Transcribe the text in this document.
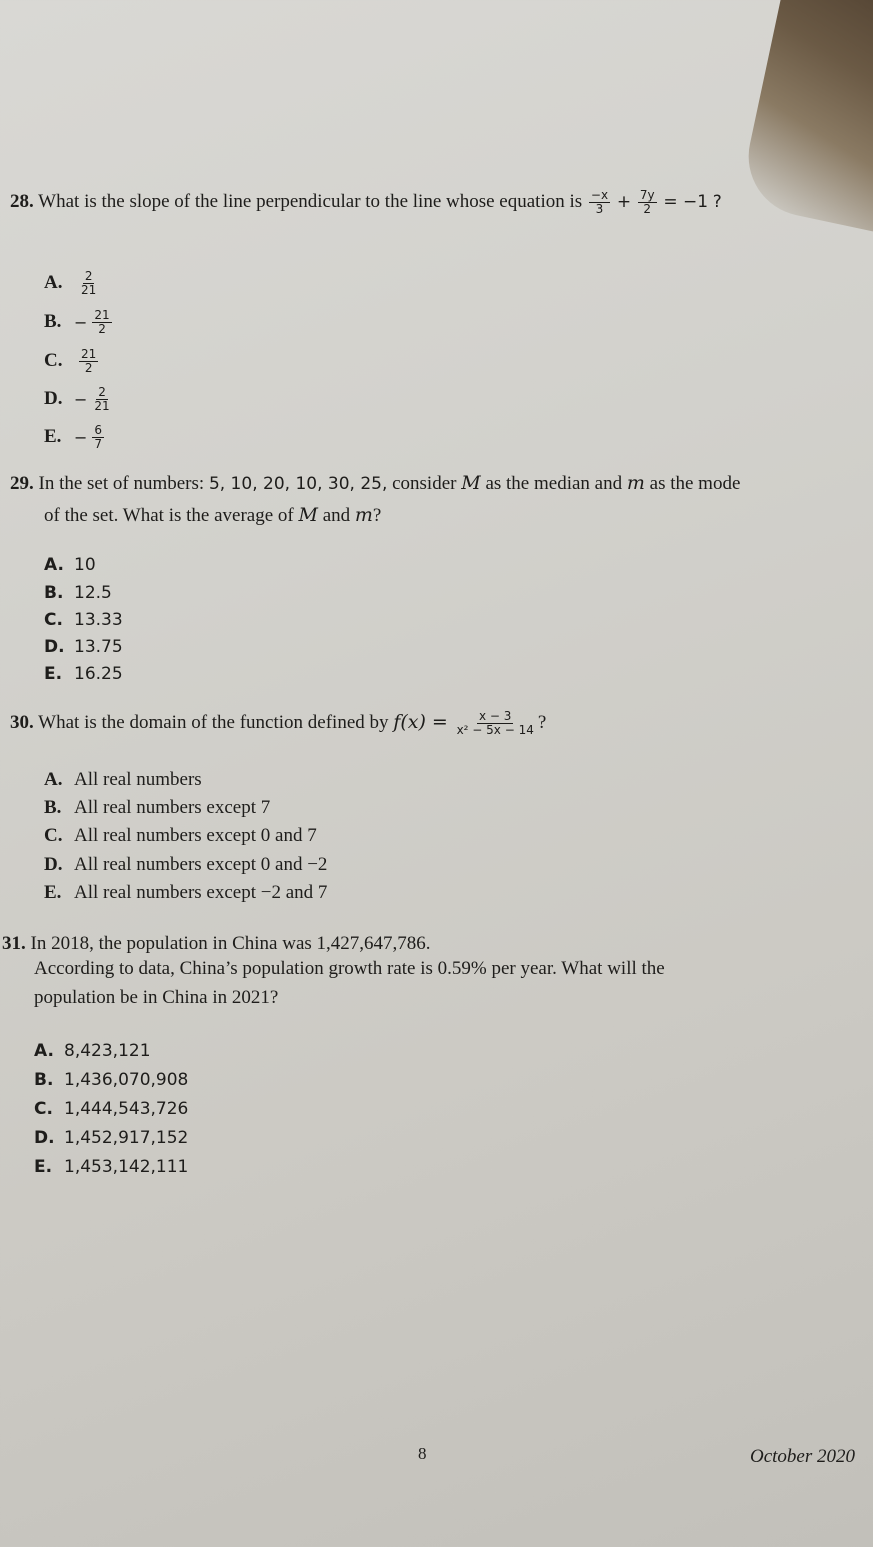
28. What is the slope of the line perpendicular to the line whose equation is $\frac{-x}{3} + \frac{7y}{2} = -1$ ?
A. $\frac{2}{21}$
B. − $\frac{21}{2}$
C. $\frac{21}{2}$
D. − $\frac{2}{21}$
E. − $\frac{6}{7}$
29. In the set of numbers: 5, 10, 20, 10, 30, 25, consider M as the median and m as the mode
of the set. What is the average of M and m?
A. 10
B. 12.5
C. 13.33
D. 13.75
E. 16.25
30. What is the domain of the function defined by $f(x) = \frac{x - 3}{\text{x² − 5x − 14}}$ ?
A. All real numbers
B. All real numbers except 7
C. All real numbers except 0 and 7
D. All real numbers except 0 and −2
E. All real numbers except −2 and 7
31. In 2018, the population in China was 1,427,647,786.
According to data, China’s population growth rate is 0.59% per year. What will the
population be in China in 2021?
A. 8,423,121
B. 1,436,070,908
C. 1,444,543,726
D. 1,452,917,152
E. 1,453,142,111
8	October 2020
